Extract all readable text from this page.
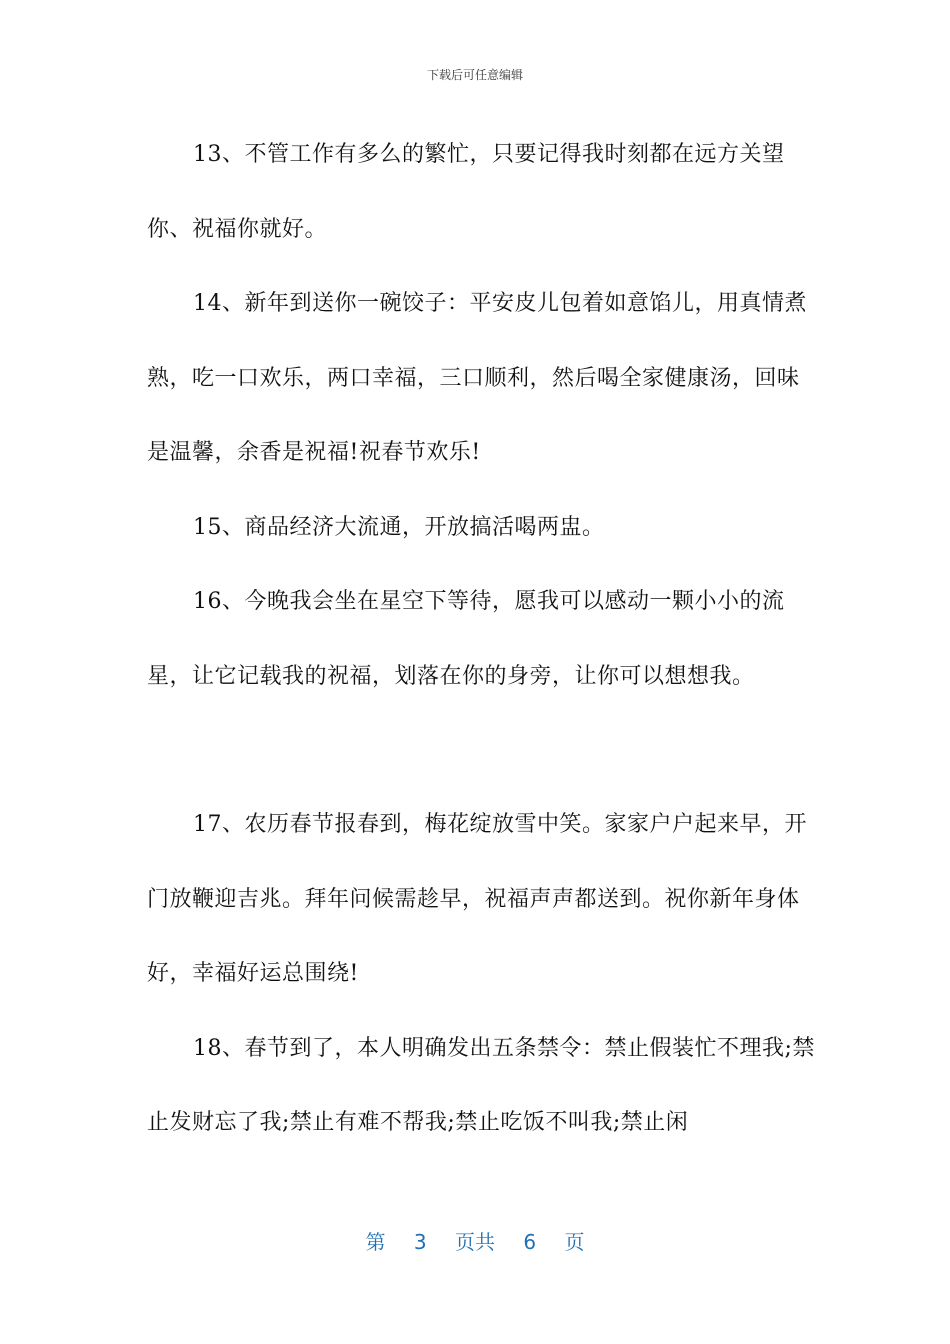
下载后可任意编辑

13、不管工作有多么的繁忙，只要记得我时刻都在远方关望你、祝福你就好。

14、新年到送你一碗饺子：平安皮儿包着如意馅儿，用真情煮熟，吃一口欢乐，两口幸福，三口顺利，然后喝全家健康汤，回味是温馨，余香是祝福!祝春节欢乐!

15、商品经济大流通，开放搞活喝两盅。

16、今晚我会坐在星空下等待，愿我可以感动一颗小小的流星，让它记载我的祝福，划落在你的身旁，让你可以想想我。

17、农历春节报春到，梅花绽放雪中笑。家家户户起来早，开门放鞭迎吉兆。拜年问候需趁早，祝福声声都送到。祝你新年身体好，幸福好运总围绕!

18、春节到了，本人明确发出五条禁令：禁止假装忙不理我;禁止发财忘了我;禁止有难不帮我;禁止吃饭不叫我;禁止闲

第 3 页共 6 页
